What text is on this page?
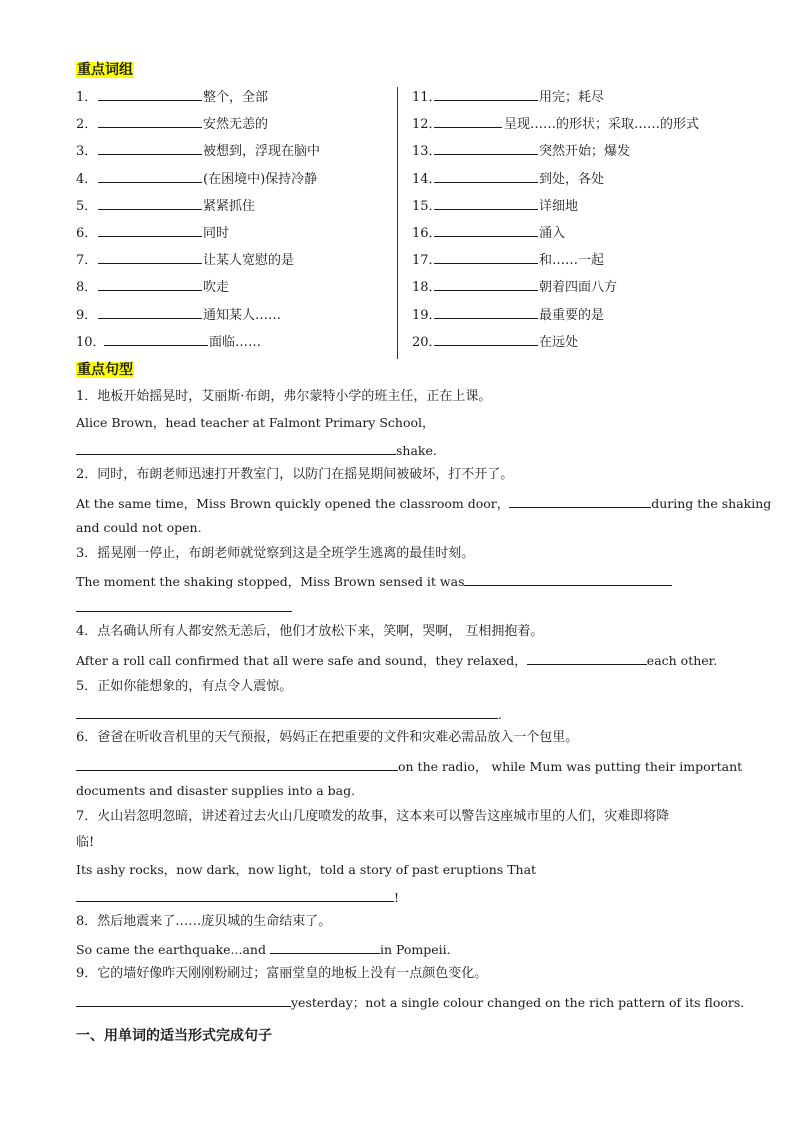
重点词组
1．	整个，全部
2．	安然无恙的
3．	被想到，浮现在脑中
4．	(在困境中)保持冷静
5．	紧紧抓住
6．	同时
7．	让某人宽慰的是
8．	吹走
9．	通知某人……
10．	面临……
11．	用完；耗尽
12．	呈现……的形状；采取……的形式
13．	突然开始；爆发
14．	到处，各处
15．	详细地
16．	涌入
17．	和……一起
18．	朝着四面八方
19．	最重要的是
20．	在远处
重点句型
1．地板开始摇晃时，艾丽斯·布朗，弗尔蒙特小学的班主任，正在上课。
Alice Brown，head teacher at Falmont Primary School，
shake.
2．同时，布朗老师迅速打开教室门，以防门在摇晃期间被破坏，打不开了。
At the same time，Miss Brown quickly opened the classroom door，	during the shaking
and could not open.
3．摇晃刚一停止，布朗老师就觉察到这是全班学生逃离的最佳时刻。
The moment the shaking stopped，Miss Brown sensed it was
4．点名确认所有人都安然无恙后，他们才放松下来，笑啊，哭啊， 互相拥抱着。
After a roll call confirmed that all were safe and sound，they relaxed，	each other.
5．正如你能想象的，有点令人震惊。
.
6．爸爸在听收音机里的天气预报，妈妈正在把重要的文件和灾难必需品放入一个包里。
on the radio， while Mum was putting their important
documents and disaster supplies into a bag.
7．火山岩忽明忽暗，讲述着过去火山几度喷发的故事，这本来可以警告这座城市里的人们，灾难即将降
临!
Its ashy rocks，now dark，now light，told a story of past eruptions That
!
8．然后地震来了……庞贝城的生命结束了。
So came the earthquake...and	in Pompeii.
9．它的墙好像昨天刚刚粉刷过；富丽堂皇的地板上没有一点颜色变化。
yesterday；not a single colour changed on the rich pattern of its floors.
一、用单词的适当形式完成句子
